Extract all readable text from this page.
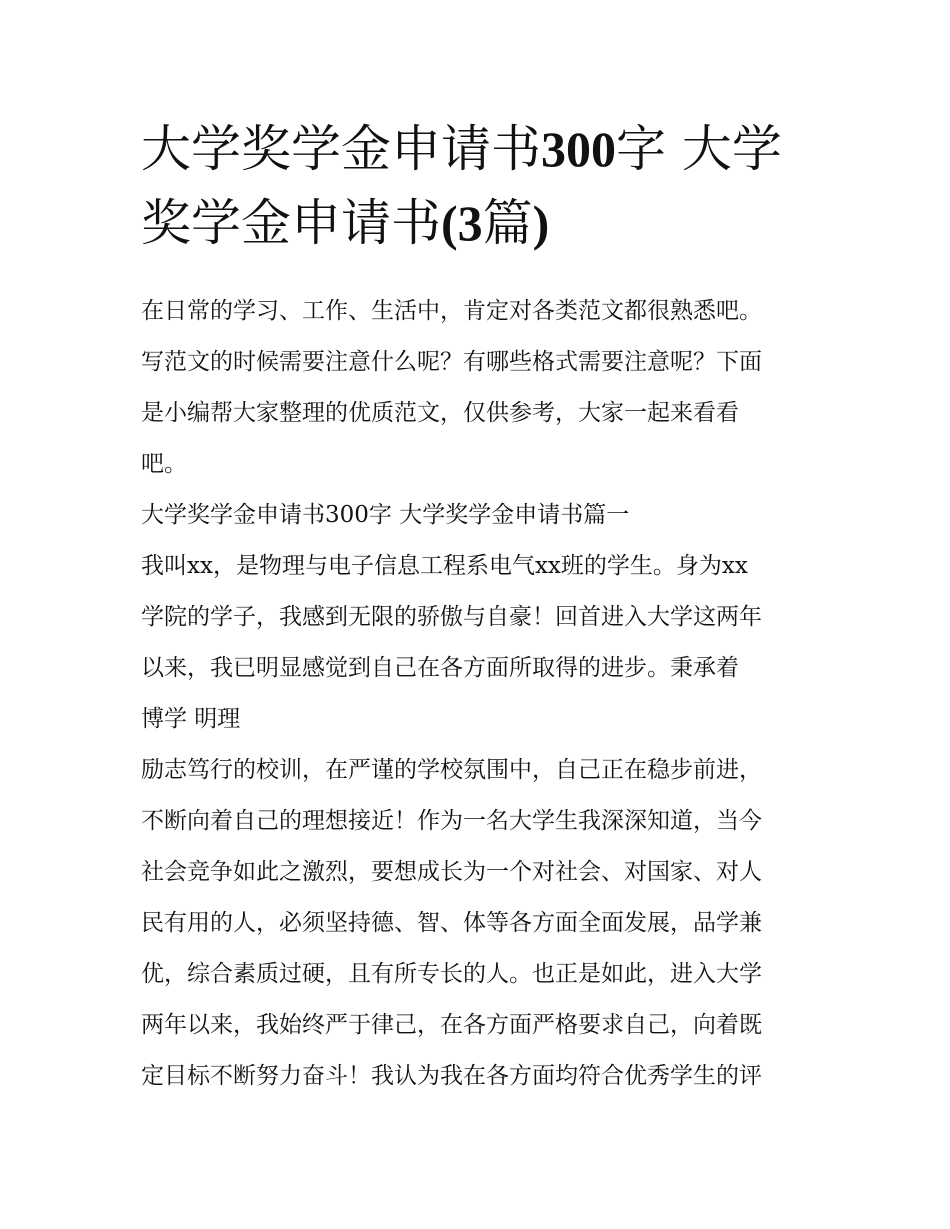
大学奖学金申请书300字 大学
奖学金申请书(3篇)

在日常的学习、工作、生活中，肯定对各类范文都很熟悉吧。
写范文的时候需要注意什么呢？有哪些格式需要注意呢？下面
是小编帮大家整理的优质范文，仅供参考，大家一起来看看
吧。

大学奖学金申请书300字 大学奖学金申请书篇一

我叫xx，是物理与电子信息工程系电气xx班的学生。身为xx
学院的学子，我感到无限的骄傲与自豪！回首进入大学这两年
以来，我已明显感觉到自己在各方面所取得的进步。秉承着
博学 明理
励志笃行的校训，在严谨的学校氛围中，自己正在稳步前进，
不断向着自己的理想接近！作为一名大学生我深深知道，当今
社会竞争如此之激烈，要想成长为一个对社会、对国家、对人
民有用的人，必须坚持德、智、体等各方面全面发展，品学兼
优，综合素质过硬，且有所专长的人。也正是如此，进入大学
两年以来，我始终严于律己，在各方面严格要求自己，向着既
定目标不断努力奋斗！我认为我在各方面均符合优秀学生的评
